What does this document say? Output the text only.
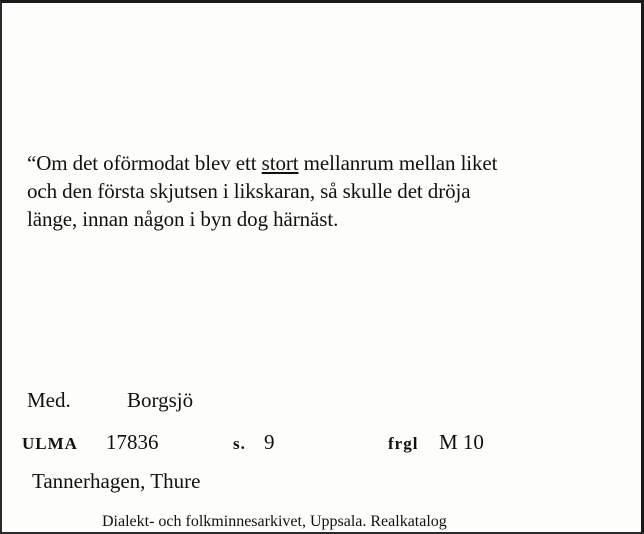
“Om det oförmodat blev ett stort mellanrum mellan liket
och den första skjutsen i likskaran, så skulle det dröja
länge, innan någon i byn dog härnäst.
Med.	Borgsjö
ULMA 17836	s. 9	frgl M 10
Tannerhagen, Thure
Dialekt- och folkminnesarkivet, Uppsala. Realkatalog
